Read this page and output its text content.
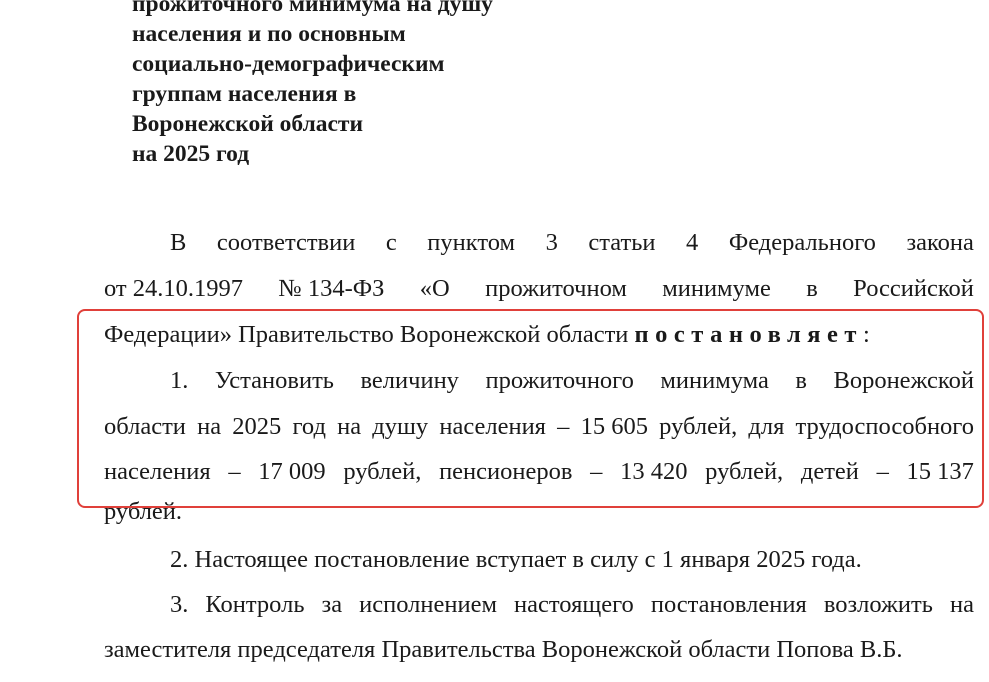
прожиточного минимума на душу
населения и по основным
социально-демографическим
группам населения в
Воронежской области
на 2025 год
В соответствии с пунктом 3 статьи 4 Федерального закона
от 24.10.1997 № 134-ФЗ «О прожиточном минимуме в Российской
Федерации» Правительство Воронежской области постановляет:
1. Установить величину прожиточного минимума в Воронежской
области на 2025 год на душу населения – 15 605 рублей, для трудоспособного
населения – 17 009 рублей, пенсионеров – 13 420 рублей, детей – 15 137
рублей.
2. Настоящее постановление вступает в силу с 1 января 2025 года.
3. Контроль за исполнением настоящего постановления возложить на
заместителя председателя Правительства Воронежской области Попова В.Б.
